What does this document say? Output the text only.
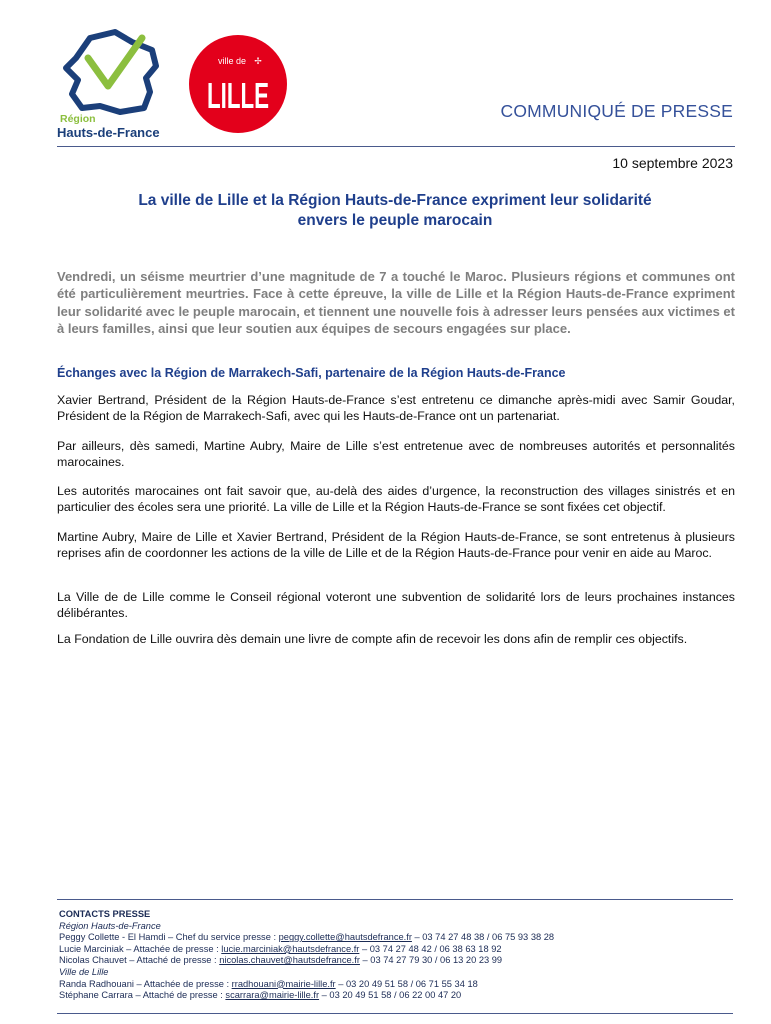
Région
Hauts-de-France
ville de ✢
LILLE	COMMUNIQUÉ DE PRESSE
10 septembre 2023
La ville de Lille et la Région Hauts-de-France expriment leur solidarité
envers le peuple marocain
Vendredi, un séisme meurtrier d’une magnitude de 7 a touché le Maroc. Plusieurs régions et communes ont été particulièrement meurtries. Face à cette épreuve, la ville de Lille et la Région Hauts-de-France expriment leur solidarité avec le peuple marocain, et tiennent une nouvelle fois à adresser leurs pensées aux victimes et à leurs familles, ainsi que leur soutien aux équipes de secours engagées sur place.
Échanges avec la Région de Marrakech-Safi, partenaire de la Région Hauts-de-France
Xavier Bertrand, Président de la Région Hauts-de-France s’est entretenu ce dimanche après-midi avec Samir Goudar, Président de la Région de Marrakech-Safi, avec qui les Hauts-de-France ont un partenariat.
Par ailleurs, dès samedi, Martine Aubry, Maire de Lille s’est entretenue avec de nombreuses autorités et personnalités marocaines.
Les autorités marocaines ont fait savoir que, au-delà des aides d’urgence, la reconstruction des villages sinistrés et en particulier des écoles sera une priorité. La ville de Lille et la Région Hauts-de-France se sont fixées cet objectif.
Martine Aubry, Maire de Lille et Xavier Bertrand, Président de la Région Hauts-de-France, se sont entretenus à plusieurs reprises afin de coordonner les actions de la ville de Lille et de la Région Hauts-de-France pour venir en aide au Maroc.
La Ville de de Lille comme le Conseil régional voteront une subvention de solidarité lors de leurs prochaines instances délibérantes.
La Fondation de Lille ouvrira dès demain une livre de compte afin de recevoir les dons afin de remplir ces objectifs.
CONTACTS PRESSE
Région Hauts-de-France
Peggy Collette - El Hamdi – Chef du service presse : peggy.collette@hautsdefrance.fr – 03 74 27 48 38 / 06 75 93 38 28
Lucie Marciniak – Attachée de presse : lucie.marciniak@hautsdefrance.fr – 03 74 27 48 42 / 06 38 63 18 92
Nicolas Chauvet – Attaché de presse : nicolas.chauvet@hautsdefrance.fr – 03 74 27 79 30 / 06 13 20 23 99
Ville de Lille
Randa Radhouani – Attachée de presse : rradhouani@mairie-lille.fr – 03 20 49 51 58 / 06 71 55 34 18
Stéphane Carrara – Attaché de presse : scarrara@mairie-lille.fr – 03 20 49 51 58 / 06 22 00 47 20
